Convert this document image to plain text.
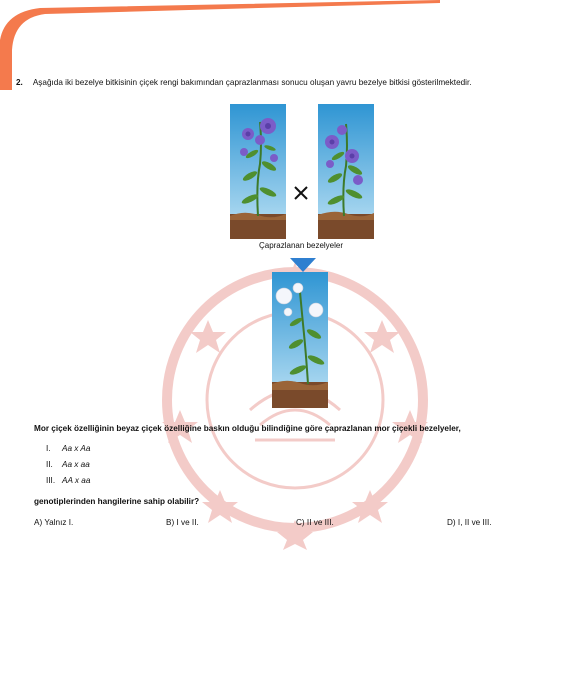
2. Aşağıda iki bezelye bitkisinin çiçek rengi bakımından çaprazlanması sonucu oluşan yavru bezelye bitkisi gösterilmektedir.
Çaprazlanan bezelyeler
Mor çiçek özelliğinin beyaz çiçek özelliğine baskın olduğu bilindiğine göre çaprazlanan mor çiçekli bezelyeler,
I. Aa x Aa
II. Aa x aa
III. AA x aa
genotiplerinden hangilerine sahip olabilir?
A) Yalnız I.	B) I ve II.	C) II ve III.	D) I, II ve III.
